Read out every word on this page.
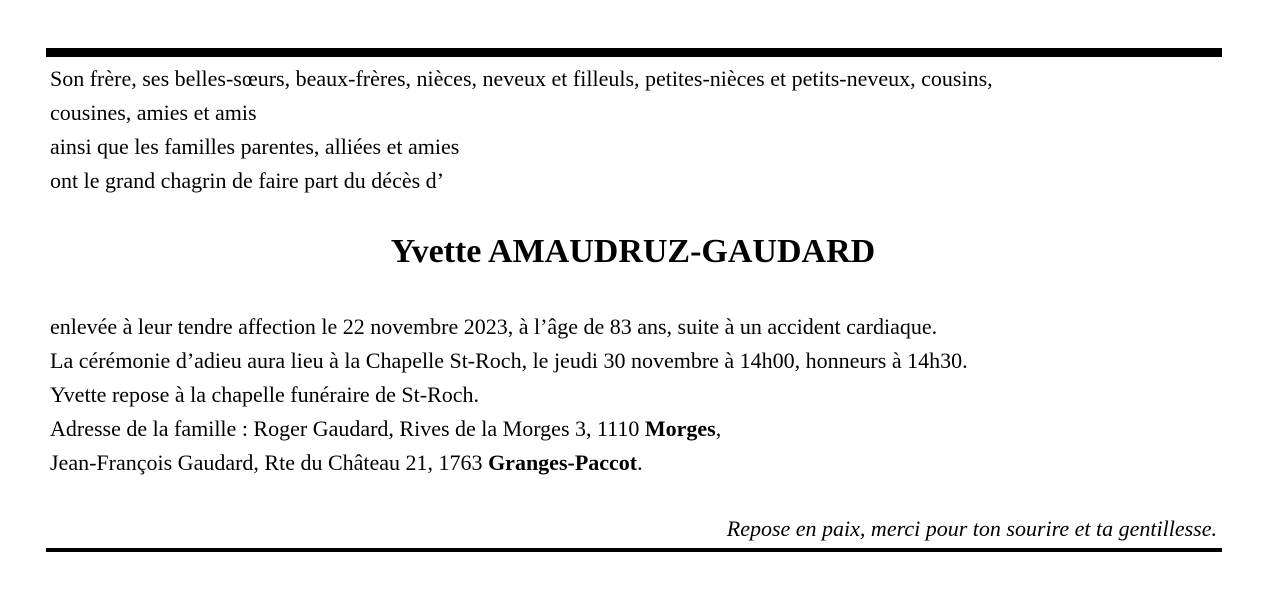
Son frère, ses belles-sœurs, beaux-frères, nièces, neveux et filleuls, petites-nièces et petits-neveux, cousins,
cousines, amies et amis
ainsi que les familles parentes, alliées et amies
ont le grand chagrin de faire part du décès d’
Yvette AMAUDRUZ-GAUDARD
enlevée à leur tendre affection le 22 novembre 2023, à l’âge de 83 ans, suite à un accident cardiaque.
La cérémonie d’adieu aura lieu à la Chapelle St-Roch, le jeudi 30 novembre à 14h00, honneurs à 14h30.
Yvette repose à la chapelle funéraire de St-Roch.
Adresse de la famille : Roger Gaudard, Rives de la Morges 3, 1110 Morges,
Jean-François Gaudard, Rte du Château 21, 1763 Granges-Paccot.
Repose en paix, merci pour ton sourire et ta gentillesse.
